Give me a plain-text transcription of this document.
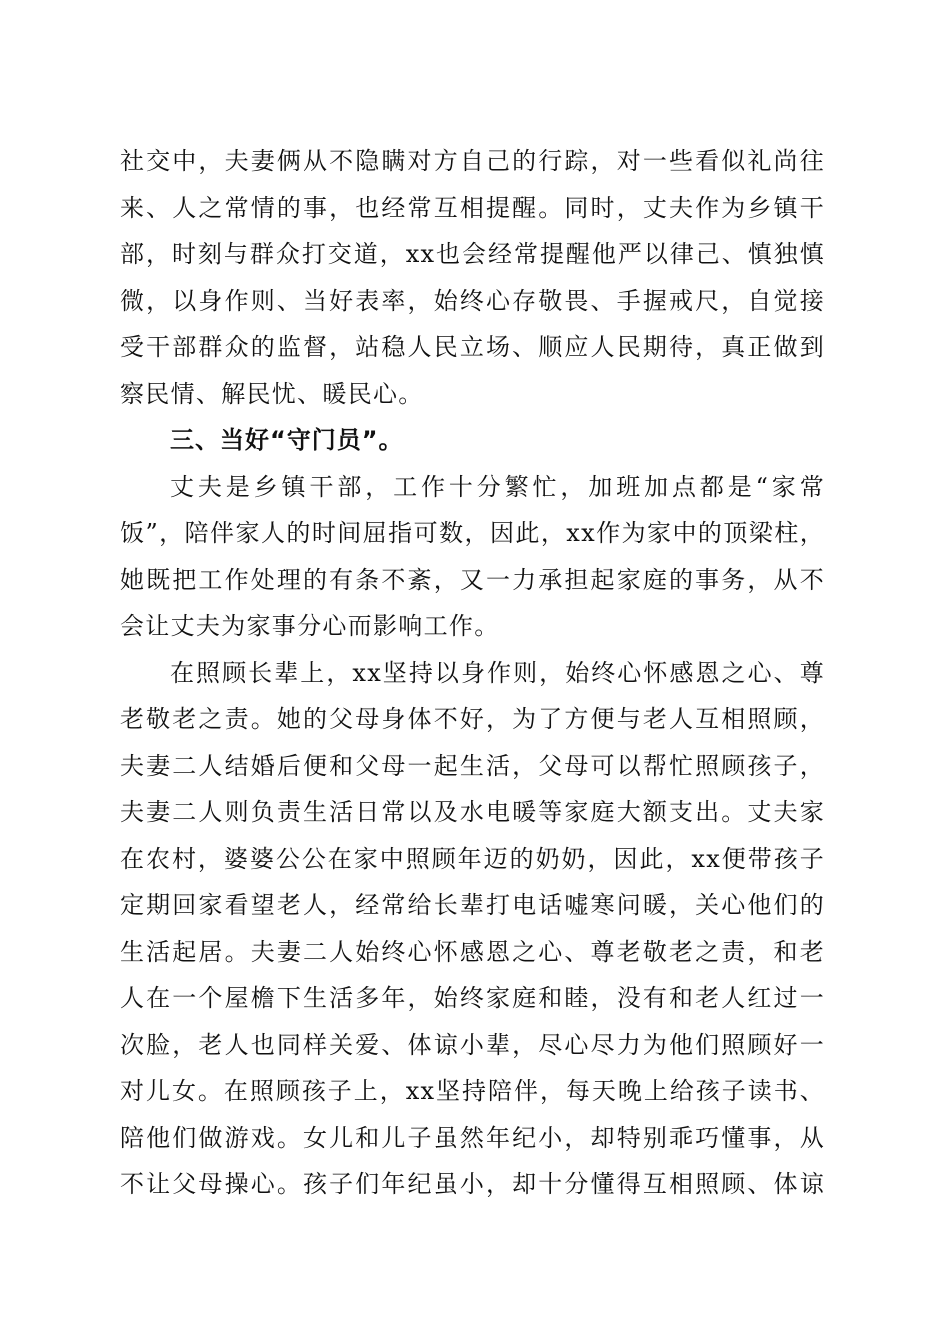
社交中，夫妻俩从不隐瞒对方自己的行踪，对一些看似礼尚往
来、人之常情的事，也经常互相提醒。同时，丈夫作为乡镇干
部，时刻与群众打交道，xx也会经常提醒他严以律己、慎独慎
微，以身作则、当好表率，始终心存敬畏、手握戒尺，自觉接
受干部群众的监督，站稳人民立场、顺应人民期待，真正做到
察民情、解民忧、暖民心。
三、当好“守门员”。
丈夫是乡镇干部，工作十分繁忙，加班加点都是“家常
饭”，陪伴家人的时间屈指可数，因此，xx作为家中的顶梁柱，
她既把工作处理的有条不紊，又一力承担起家庭的事务，从不
会让丈夫为家事分心而影响工作。
在照顾长辈上，xx坚持以身作则，始终心怀感恩之心、尊
老敬老之责。她的父母身体不好，为了方便与老人互相照顾，
夫妻二人结婚后便和父母一起生活，父母可以帮忙照顾孩子，
夫妻二人则负责生活日常以及水电暖等家庭大额支出。丈夫家
在农村，婆婆公公在家中照顾年迈的奶奶，因此，xx便带孩子
定期回家看望老人，经常给长辈打电话嘘寒问暖，关心他们的
生活起居。夫妻二人始终心怀感恩之心、尊老敬老之责，和老
人在一个屋檐下生活多年，始终家庭和睦，没有和老人红过一
次脸，老人也同样关爱、体谅小辈，尽心尽力为他们照顾好一
对儿女。在照顾孩子上，xx坚持陪伴，每天晚上给孩子读书、
陪他们做游戏。女儿和儿子虽然年纪小，却特别乖巧懂事，从
不让父母操心。孩子们年纪虽小，却十分懂得互相照顾、体谅
